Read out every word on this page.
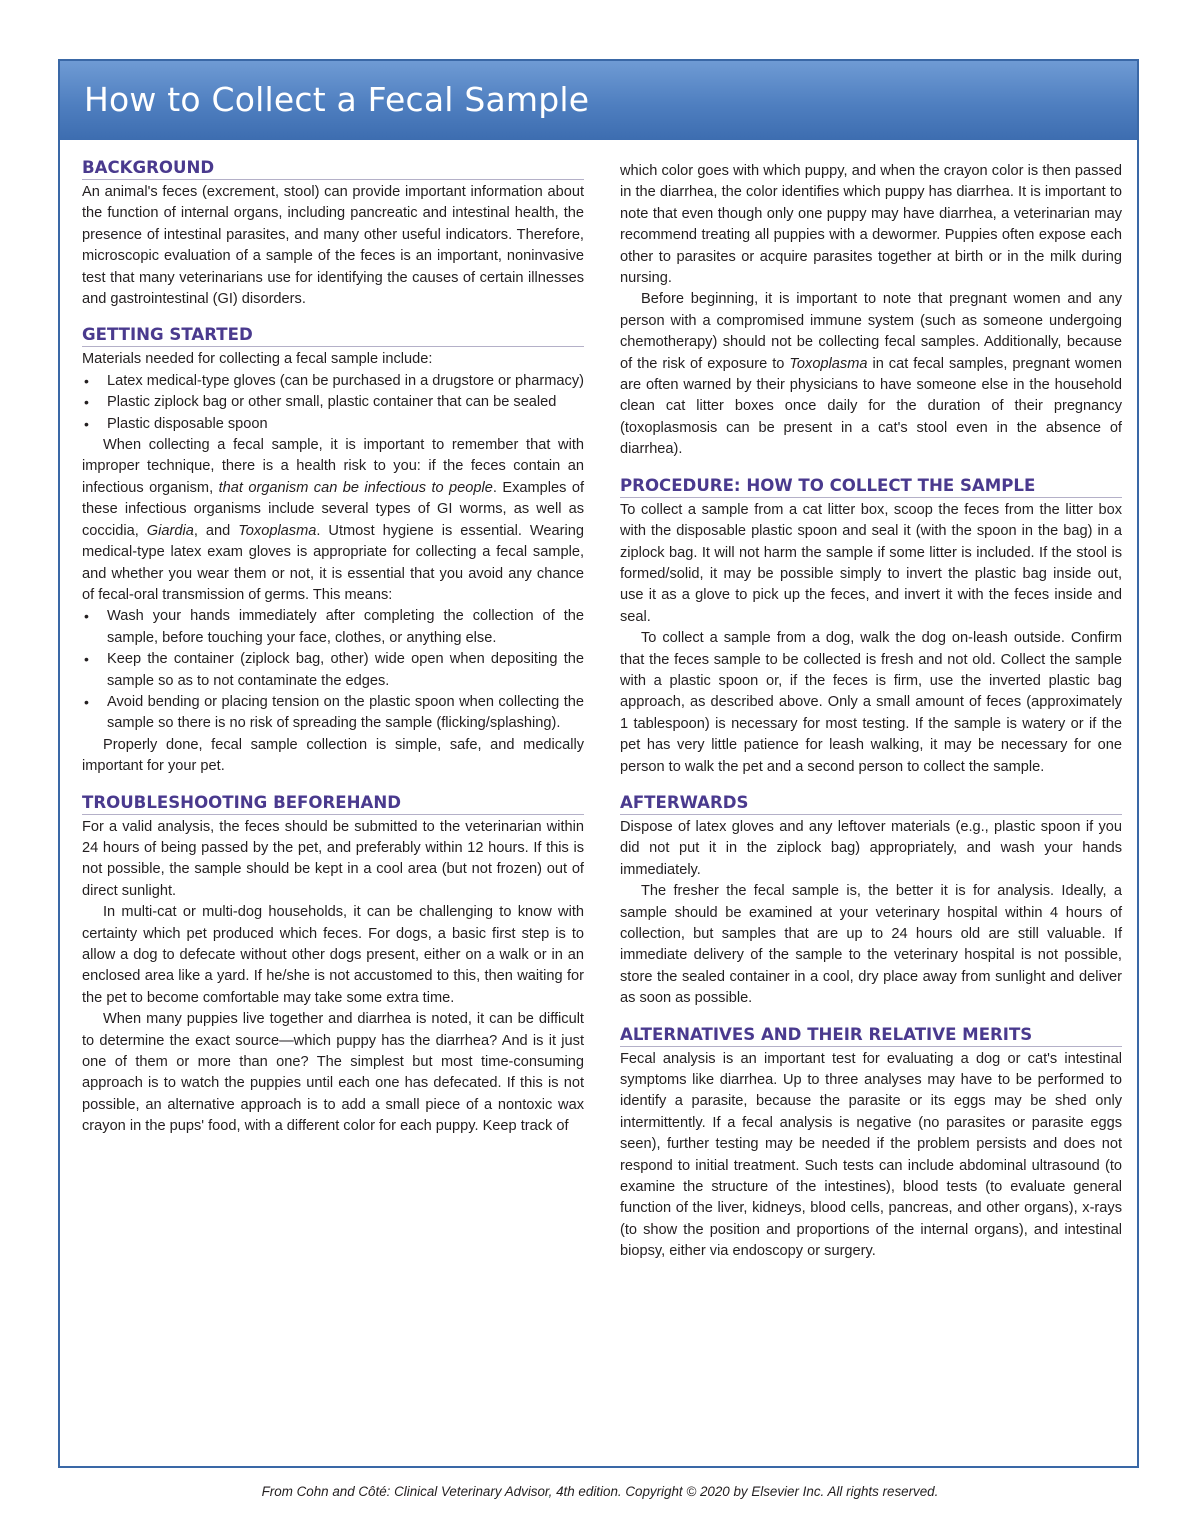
How to Collect a Fecal Sample
BACKGROUND

An animal's feces (excrement, stool) can provide important information about the function of internal organs, including pancreatic and intestinal health, the presence of intestinal parasites, and many other useful indicators. Therefore, microscopic evaluation of a sample of the feces is an important, noninvasive test that many veterinarians use for identifying the causes of certain illnesses and gastrointestinal (GI) disorders.

GETTING STARTED

Materials needed for collecting a fecal sample include:

• Latex medical-type gloves (can be purchased in a drugstore or pharmacy)
• Plastic ziplock bag or other small, plastic container that can be sealed
• Plastic disposable spoon

When collecting a fecal sample, it is important to remember that with improper technique, there is a health risk to you: if the feces contain an infectious organism, that organism can be infectious to people. Examples of these infectious organisms include several types of GI worms, as well as coccidia, Giardia, and Toxoplasma. Utmost hygiene is essential. Wearing medical-type latex exam gloves is appropriate for collecting a fecal sample, and whether you wear them or not, it is essential that you avoid any chance of fecal-oral transmission of germs. This means:

• Wash your hands immediately after completing the collection of the sample, before touching your face, clothes, or anything else.
• Keep the container (ziplock bag, other) wide open when depositing the sample so as to not contaminate the edges.
• Avoid bending or placing tension on the plastic spoon when collecting the sample so there is no risk of spreading the sample (flicking/splashing).

Properly done, fecal sample collection is simple, safe, and medically important for your pet.

TROUBLESHOOTING BEFOREHAND

For a valid analysis, the feces should be submitted to the veterinarian within 24 hours of being passed by the pet, and preferably within 12 hours. If this is not possible, the sample should be kept in a cool area (but not frozen) out of direct sunlight.

In multi-cat or multi-dog households, it can be challenging to know with certainty which pet produced which feces. For dogs, a basic first step is to allow a dog to defecate without other dogs present, either on a walk or in an enclosed area like a yard. If he/she is not accustomed to this, then waiting for the pet to become comfortable may take some extra time.

When many puppies live together and diarrhea is noted, it can be difficult to determine the exact source—which puppy has the diarrhea? And is it just one of them or more than one? The simplest but most time-consuming approach is to watch the puppies until each one has defecated. If this is not possible, an alternative approach is to add a small piece of a nontoxic wax crayon in the pups' food, with a different color for each puppy. Keep track of

which color goes with which puppy, and when the crayon color is then passed in the diarrhea, the color identifies which puppy has diarrhea. It is important to note that even though only one puppy may have diarrhea, a veterinarian may recommend treating all puppies with a dewormer. Puppies often expose each other to parasites or acquire parasites together at birth or in the milk during nursing.

Before beginning, it is important to note that pregnant women and any person with a compromised immune system (such as someone undergoing chemotherapy) should not be collecting fecal samples. Additionally, because of the risk of exposure to Toxoplasma in cat fecal samples, pregnant women are often warned by their physicians to have someone else in the household clean cat litter boxes once daily for the duration of their pregnancy (toxoplasmosis can be present in a cat's stool even in the absence of diarrhea).

PROCEDURE: HOW TO COLLECT THE SAMPLE

To collect a sample from a cat litter box, scoop the feces from the litter box with the disposable plastic spoon and seal it (with the spoon in the bag) in a ziplock bag. It will not harm the sample if some litter is included. If the stool is formed/solid, it may be possible simply to invert the plastic bag inside out, use it as a glove to pick up the feces, and invert it with the feces inside and seal.

To collect a sample from a dog, walk the dog on-leash outside. Confirm that the feces sample to be collected is fresh and not old. Collect the sample with a plastic spoon or, if the feces is firm, use the inverted plastic bag approach, as described above. Only a small amount of feces (approximately 1 tablespoon) is necessary for most testing. If the sample is watery or if the pet has very little patience for leash walking, it may be necessary for one person to walk the pet and a second person to collect the sample.

AFTERWARDS

Dispose of latex gloves and any leftover materials (e.g., plastic spoon if you did not put it in the ziplock bag) appropriately, and wash your hands immediately.

The fresher the fecal sample is, the better it is for analysis. Ideally, a sample should be examined at your veterinary hospital within 4 hours of collection, but samples that are up to 24 hours old are still valuable. If immediate delivery of the sample to the veterinary hospital is not possible, store the sealed container in a cool, dry place away from sunlight and deliver as soon as possible.

ALTERNATIVES AND THEIR RELATIVE MERITS

Fecal analysis is an important test for evaluating a dog or cat's intestinal symptoms like diarrhea. Up to three analyses may have to be performed to identify a parasite, because the parasite or its eggs may be shed only intermittently. If a fecal analysis is negative (no parasites or parasite eggs seen), further testing may be needed if the problem persists and does not respond to initial treatment. Such tests can include abdominal ultrasound (to examine the structure of the intestines), blood tests (to evaluate general function of the liver, kidneys, blood cells, pancreas, and other organs), x-rays (to show the position and proportions of the internal organs), and intestinal biopsy, either via endoscopy or surgery.

From Cohn and Côté: Clinical Veterinary Advisor, 4th edition. Copyright © 2020 by Elsevier Inc. All rights reserved.
